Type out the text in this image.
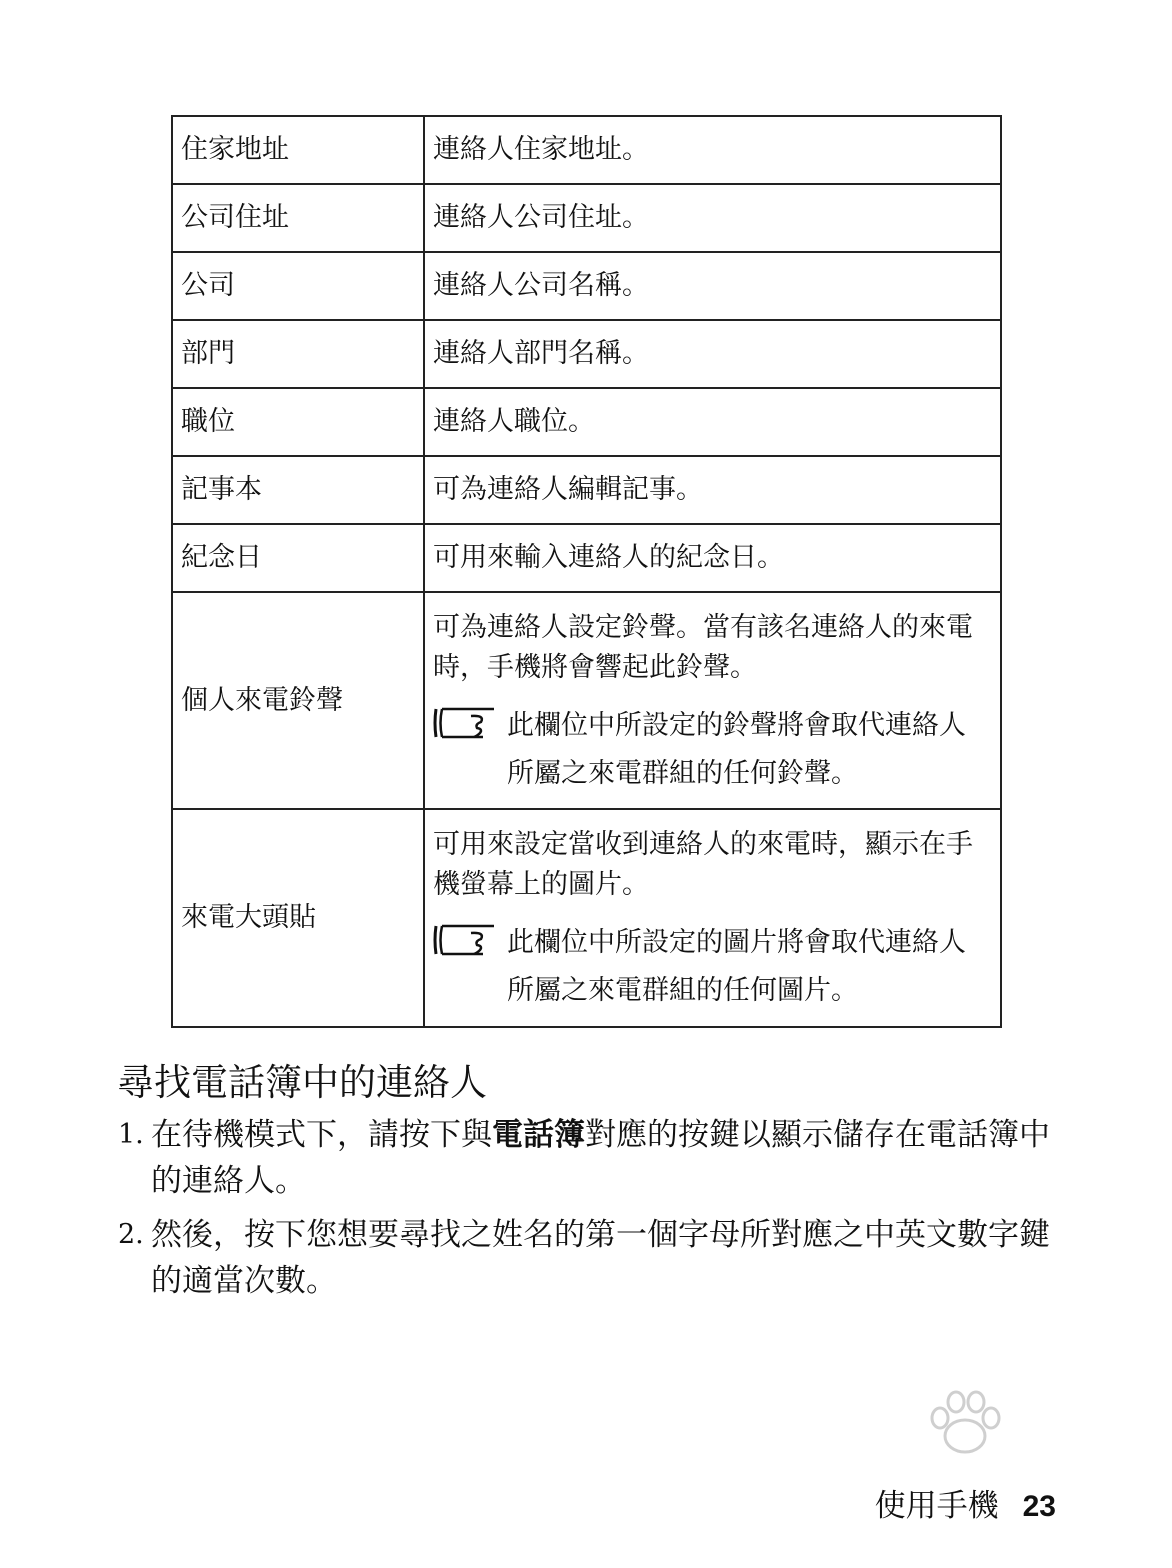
住家地址	連絡人住家地址。
公司住址	連絡人公司住址。
公司	連絡人公司名稱。
部門	連絡人部門名稱。
職位	連絡人職位。
記事本	可為連絡人編輯記事。
紀念日	可用來輸入連絡人的紀念日。
個人來電鈴聲	可為連絡人設定鈴聲。當有該名連絡人的來電時，手機將會響起此鈴聲。
此欄位中所設定的鈴聲將會取代連絡人所屬之來電群組的任何鈴聲。

來電大頭貼	可用來設定當收到連絡人的來電時，顯示在手機螢幕上的圖片。
此欄位中所設定的圖片將會取代連絡人所屬之來電群組的任何圖片。
尋找電話簿中的連絡人
1. 在待機模式下，請按下與電話簿對應的按鍵以顯示儲存在電話簿中的連絡人。
2. 然後，按下您想要尋找之姓名的第一個字母所對應之中英文數字鍵的適當次數。
使用手機 23
